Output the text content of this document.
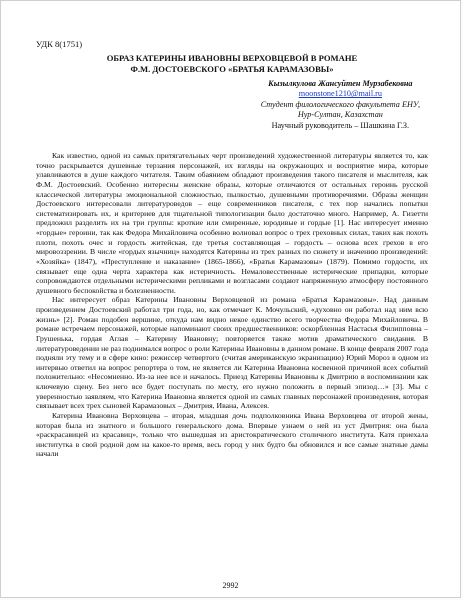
УДК 8(1751)
ОБРАЗ КАТЕРИНЫ ИВАНОВНЫ ВЕРХОВЦЕВОЙ В РОМАНЕ
Ф.М. ДОСТОЕВСКОГО «БРАТЬЯ КАРАМАЗОВЫ»
Кызылкулова Жансуйтен Мурзабековна
moonstone1210@mail.ru
Студент филологического факультета ЕНУ,
Нур-Султан, Казахстан
Научный руководитель – Шашкина Г.З.

Как известно, одной из самых притягательных черт произведений художественной литературы является то, как точно раскрывается душевные терзания персонажей, их взгляды на окружающих и восприятие мира, которые улавливаются в душе каждого читателя. Таким обаянием обладают произведения такого писателя и мыслителя, как Ф.М. Достоевский. Особенно интересны женские образы, которые отличаются от остальных героинь русской классической литературы эмоциональной сложностью, пылкостью, душевными противоречиями. Образы женщин Достоевского интересовали литературоведов – еще современников писателя, с тех пор начались попытки систематизировать их, и критериев для тщательной типологизации было достаточно много. Например, А. Гизетти предложил разделить их на три группы: кроткие или смиренные, юродивые и гордые [1]. Нас интересует именно «гордые» героини, так как Федора Михайловича особенно волновал вопрос о трех греховных силах, таких как похоть плоти, похоть очес и гордость житейская, где третья составляющая – гордость – основа всех грехов в его мировоззрении. В числе «гордых язычниц» находятся Катерины из трех разных по сюжету и значению произведений: «Хозяйка» (1847), «Преступление и наказание» (1865-1866), «Братья Карамазовы» (1879). Помимо гордости, их связывает еще одна черта характера как истеричность. Немаловесственные истерические припадки, которые сопровождаются отдельными истерическими репликами и возгласами создают напряженную атмосферу постоянного душевного беспокойства и болезненности.

Нас интересует образ Катерины Ивановны Верховцевой из романа «Братья Карамазовы». Над данным произведением Достоевский работал три года, но, как отмечает К. Мочульский, «духовно он работал над ним всю жизнь» [2]. Роман подобен вершине, откуда нам видно некое единство всего творчества Федора Михайловича. В романе встречаем персонажей, которые напоминают своих предшественников: оскорбленная Настасья Филипповна – Грушенька, гордая Аглая – Катерину Ивановну; повторяется также мотив драматического свидания. В литературоведении не раз поднимался вопрос о роли Катерины Ивановны в данном романе. В конце февраля 2007 года подняли эту тему и в сфере кино: режиссер четвертого (считая американскую экранизацию) Юрий Мороз в одном из интервью ответил на вопрос репортера о том, не является ли Катерина Ивановна косвенной причиной всех событий положительно: «Несомненно. Из-за нее все и началось. Приезд Катерины Ивановны к Дмитрию в воспоминании как ключевую сцену. Без него все будет поступать по месту, его нужно положить в первый эпизод…» [3]. Мы с уверенностью заявляем, что Катерина Ивановна является одной из самых главных персонажей произведения, которая связывает всех трех сыновей Карамазовых – Дмитрия, Ивана, Алексея.

Катерина Ивановна Верховцева – вторая, младшая дочь подполковника Ивана Верховцева от второй жены, которая была из знатного и большого генеральского дома. Впервые узнаем о ней из уст Дмитрия: она была «раскрасавицей из красавиц», только что вышедшая из аристократического столичного института. Катя приехала институтка в свой родной дом на какое-то время, весь город у них будто бы обновился и все самые знатные дамы начали

2992
